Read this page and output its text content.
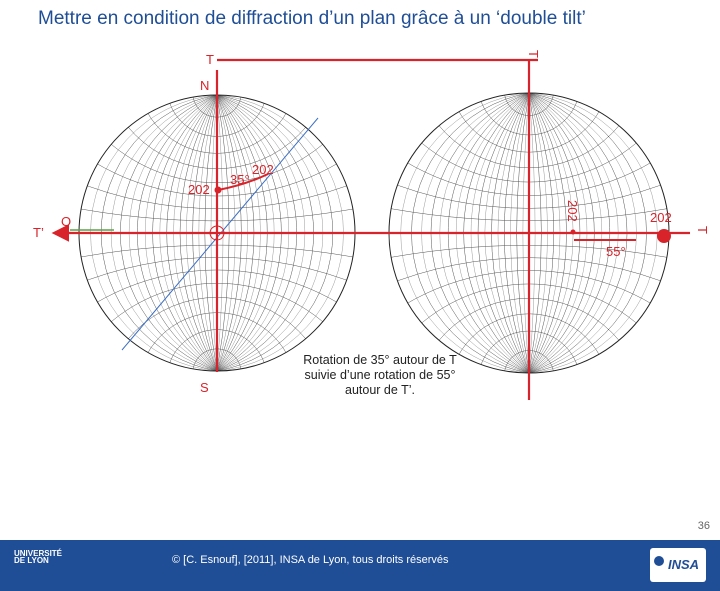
Mettre en condition de diffraction d’un plan grâce à un ‘double tilt’
T	T’
N
S
O
T’	T
202
202
35°
202	202
55°
Rotation de 35° autour de T suivie d’une rotation de 55° autour de T’.
36
UNIVERSITÉ
DE LYON	© [C. Esnouf], [2011], INSA de Lyon, tous droits réservés	INSA
